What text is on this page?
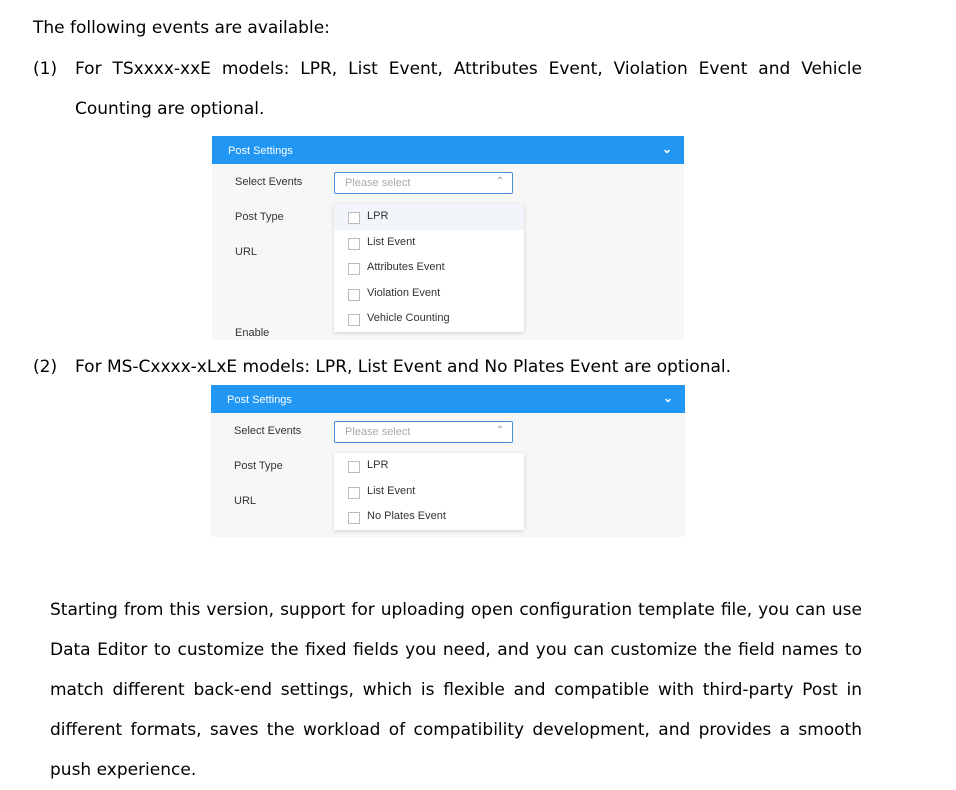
The following events are available:
(1) For TSxxxx-xxE models: LPR, List Event, Attributes Event, Violation Event and Vehicle
Counting are optional.
Post Settings	⌄
Select Events	Please select	⌃
Post Type
URL
Enable
LPR
List Event
Attributes Event
Violation Event
Vehicle Counting
(2) For MS-Cxxxx-xLxE models: LPR, List Event and No Plates Event are optional.
Post Settings	⌄
Select Events	Please select	⌃
Post Type
URL
LPR
List Event
No Plates Event
Starting from this version, support for uploading open configuration template file, you can use Data Editor to customize the fixed fields you need, and you can customize the field names to match different back-end settings, which is flexible and compatible with third-party Post in different formats, saves the workload of compatibility development, and provides a smooth push experience.
